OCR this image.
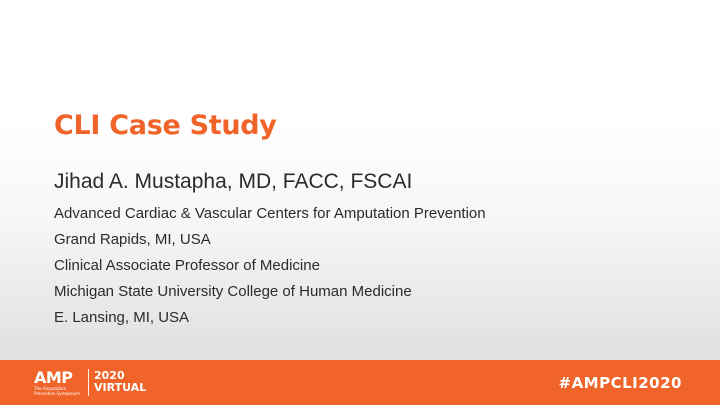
CLI Case Study
Jihad A. Mustapha, MD, FACC, FSCAI
Advanced Cardiac & Vascular Centers for Amputation Prevention
Grand Rapids, MI, USA
Clinical Associate Professor of Medicine
Michigan State University College of Human Medicine
E. Lansing, MI, USA
AMP
The Amputation Prevention Symposium
2020
VIRTUAL	#AMPCLI2020
